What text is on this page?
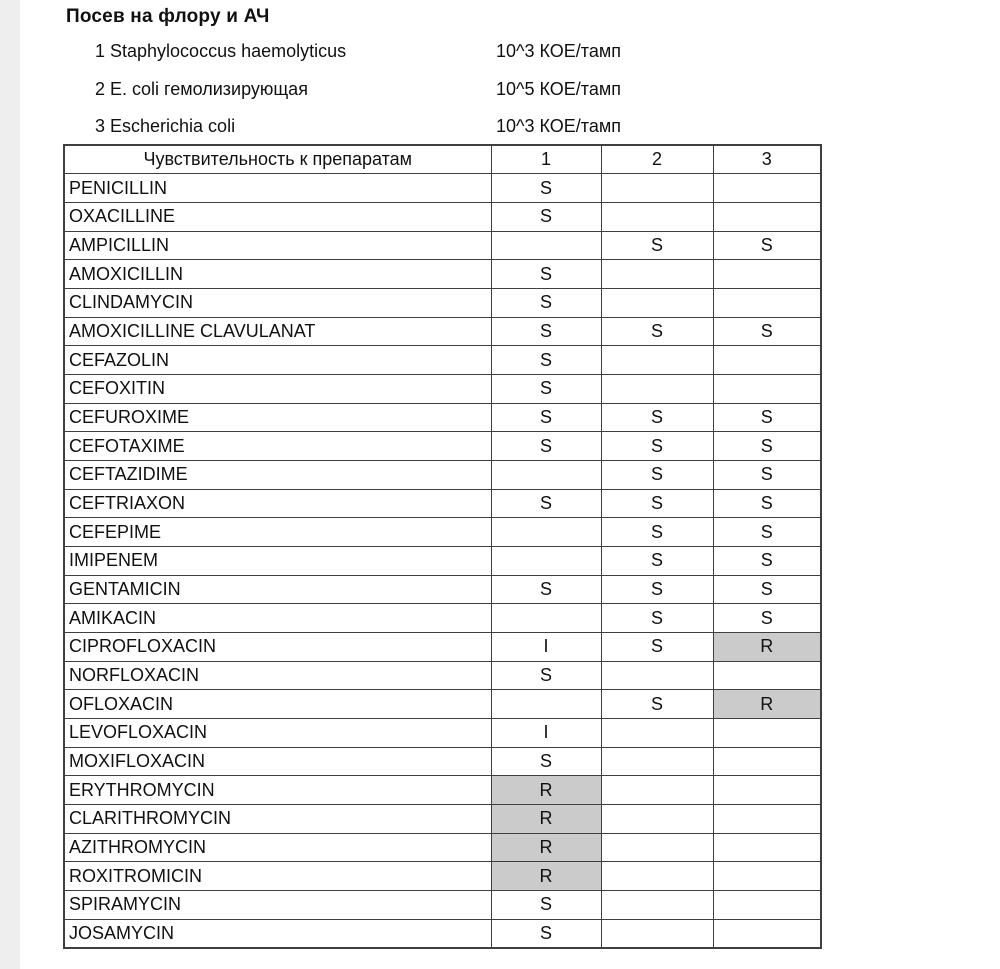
Посев на флору и АЧ
1 Staphylococcus haemolyticus	10^3 КОЕ/тамп
2 E. coli гемолизирующая	10^5 КОЕ/тамп
3 Escherichia coli	10^3 КОЕ/тамп
Чувствительность к препаратам	1	2	3
PENICILLIN	S		
OXACILLINE	S		
AMPICILLIN		S	S
AMOXICILLIN	S		
CLINDAMYCIN	S		
AMOXICILLINE CLAVULANAT	S	S	S
CEFAZOLIN	S		
CEFOXITIN	S		
CEFUROXIME	S	S	S
CEFOTAXIME	S	S	S
CEFTAZIDIME		S	S
CEFTRIAXON	S	S	S
CEFEPIME		S	S
IMIPENEM		S	S
GENTAMICIN	S	S	S
AMIKACIN		S	S
CIPROFLOXACIN	I	S	R
NORFLOXACIN	S		
OFLOXACIN		S	R
LEVOFLOXACIN	I		
MOXIFLOXACIN	S		
ERYTHROMYCIN	R		
CLARITHROMYCIN	R		
AZITHROMYCIN	R		
ROXITROMICIN	R		
SPIRAMYCIN	S		
JOSAMYCIN	S		
